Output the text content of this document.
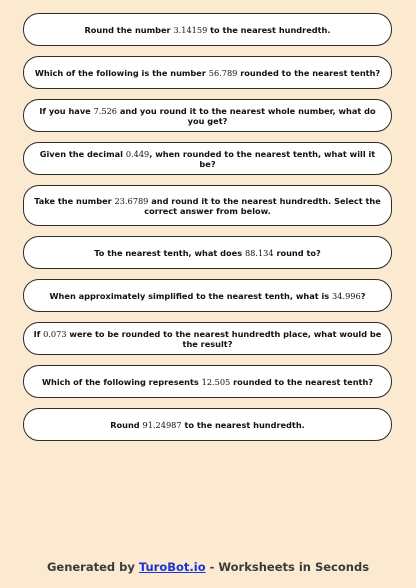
Round the number 3.14159 to the nearest hundredth.
Which of the following is the number 56.789 rounded to the nearest tenth?
If you have 7.526 and you round it to the nearest whole number, what do you get?
Given the decimal 0.449, when rounded to the nearest tenth, what will it be?
Take the number 23.6789 and round it to the nearest hundredth. Select the correct answer from below.
To the nearest tenth, what does 88.134 round to?
When approximately simplified to the nearest tenth, what is 34.996?
If 0.073 were to be rounded to the nearest hundredth place, what would be the result?
Which of the following represents 12.505 rounded to the nearest tenth?
Round 91.24987 to the nearest hundredth.
Generated by TuroBot.io - Worksheets in Seconds
